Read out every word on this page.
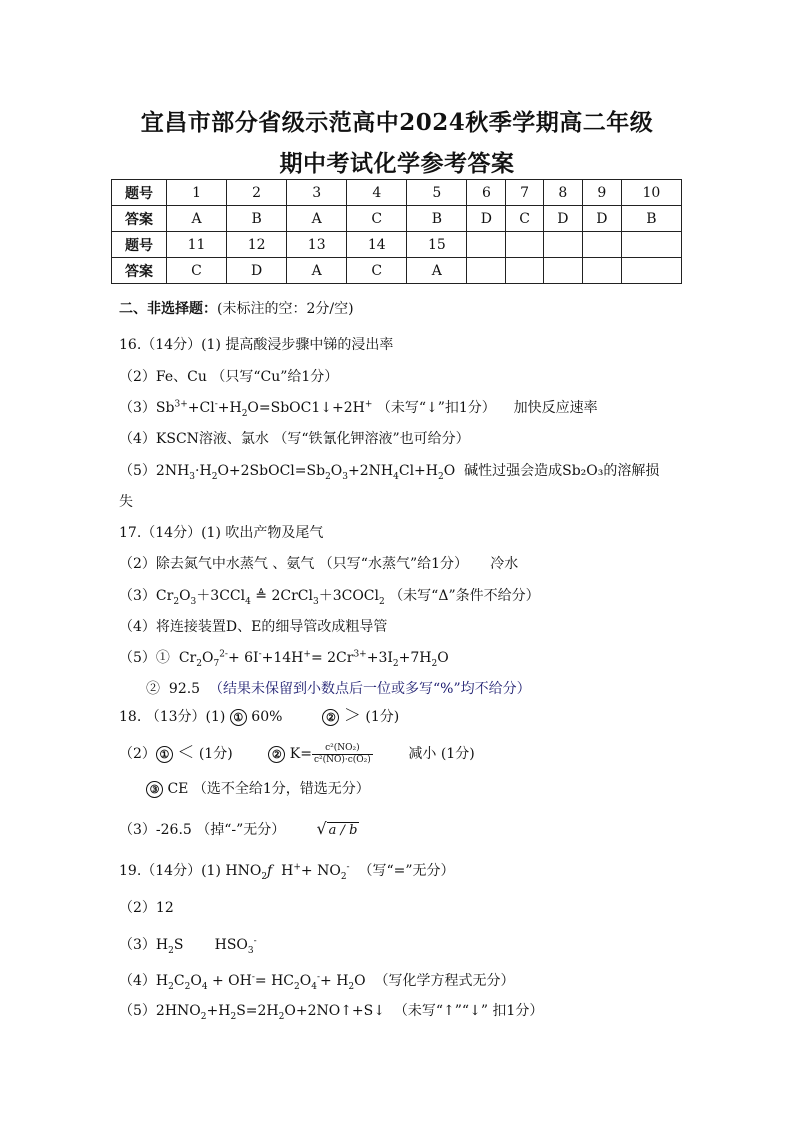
宜昌市部分省级示范高中2024秋季学期高二年级
期中考试化学参考答案
题号	1	2	3	4	5	6	7	8	9	10
答案	A	B	A	C	B	D	C	D	D	B
题号	11	12	13	14	15					
答案	C	D	A	C	A					
二、非选择题：(未标注的空：2分/空)
16.（14分）(1) 提高酸浸步骤中锑的浸出率
（2）Fe、Cu （只写“Cu”给1分）
$(3)Sb^{3+}+Cl^-+H_2O=SbOC1↓+2H^+$ （未写“↓”扣1分） 加快反应速率
（4）KSCN溶液、氯水 （写“铁氰化钾溶液”也可给分）
$(5)2NH_3\cdot H_2O+2SbOCl=Sb_2O_3+2NH_4Cl+H_2O$  碱性过强会造成Sb₂O₃的溶解损
失
17.（14分）(1) 吹出产物及尾气
（2）除去氮气中水蒸气 、氨气 （只写“水蒸气”给1分） 冷水
$(3)Cr_2O_3+3CCl_4$ ≜ 2CrCl$_3$＋3COCl$_2$ （未写“Δ”条件不给分）
（4）将连接装置D、E的细导管改成粗导管
（5）①  $Cr_2O_7^{2-}+ 6I^-+14H^+= 2Cr^{3+}+3I_2+7H_2O$
② 92.5 （结果未保留到小数点后一位或多写“%”均不给分）
18. （13分）(1) ① 60%	② ＞ (1分)
（2） ① ＜ (1分)	② $K= \frac{\text{c²(NO₂)}}{\text{c²(NO)·c(O₂)}}$	减小 (1分)
③ CE （选不全给1分，错选无分）
（3）-26.5 （掉“-”无分） √ a / b
19.（14分）(1) $HNO_2f$  $H^++ NO_2^-$ （写“=”无分）
（2）12
$(3)H_2S$       $HSO_3^-$
$(4)H_2C_2O_4 + OH^-= HC_2O_4^-+ H_2O$  （写化学方程式无分）
$(5)2HNO_2+H_2S=2H_2O+2NO↑+S↓$  （未写“↑”“↓” 扣1分）
